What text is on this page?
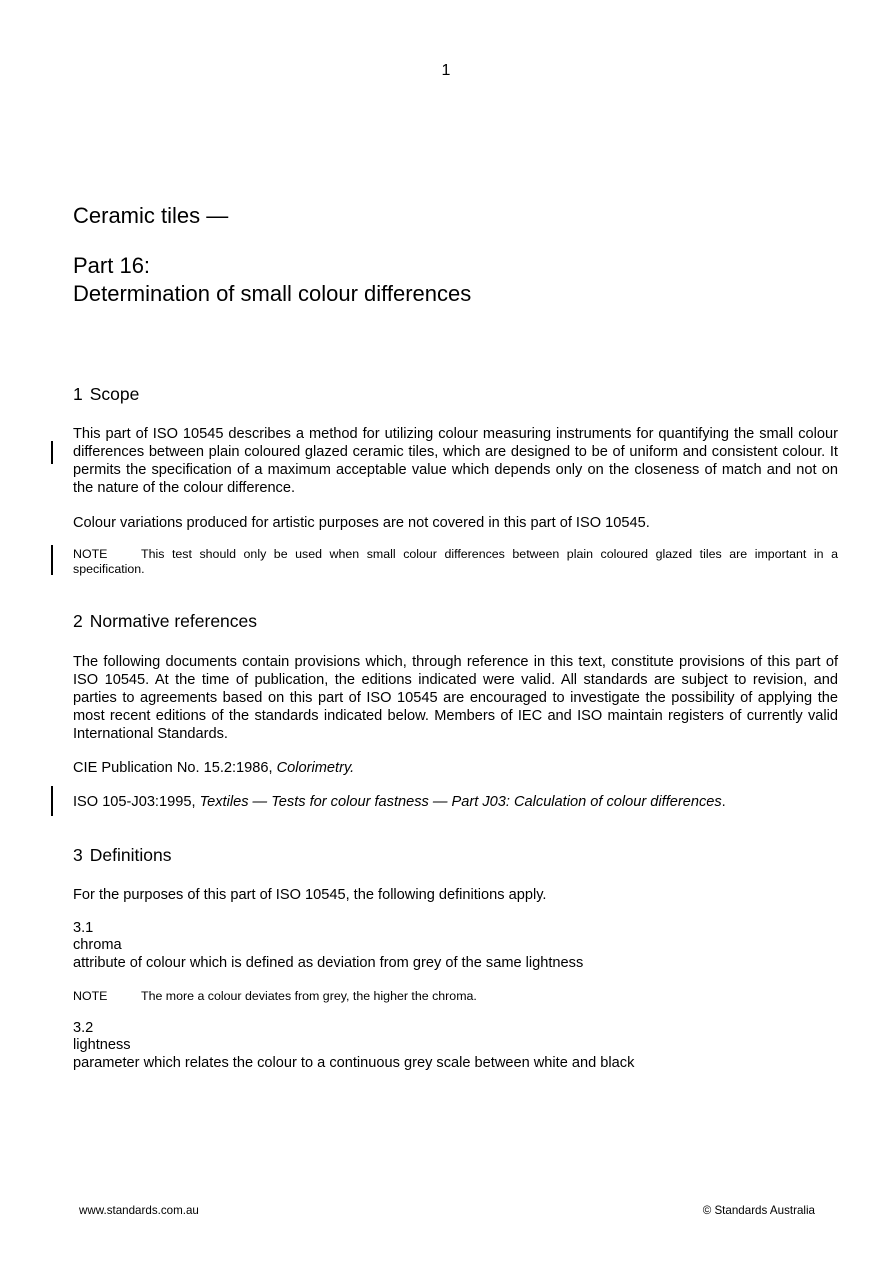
1
Ceramic tiles —
Part 16:
Determination of small colour differences
1 Scope

This part of ISO 10545 describes a method for utilizing colour measuring instruments for quantifying the small colour differences between plain coloured glazed ceramic tiles, which are designed to be of uniform and consistent colour. It permits the specification of a maximum acceptable value which depends only on the closeness of match and not on the nature of the colour difference.

Colour variations produced for artistic purposes are not covered in this part of ISO 10545.

NOTE	This test should only be used when small colour differences between plain coloured glazed tiles are important in a specification.

2 Normative references

The following documents contain provisions which, through reference in this text, constitute provisions of this part of ISO 10545. At the time of publication, the editions indicated were valid. All standards are subject to revision, and parties to agreements based on this part of ISO 10545 are encouraged to investigate the possibility of applying the most recent editions of the standards indicated below. Members of IEC and ISO maintain registers of currently valid International Standards.

CIE Publication No. 15.2:1986, Colorimetry.

ISO 105-J03:1995, Textiles — Tests for colour fastness — Part J03: Calculation of colour differences.

3 Definitions

For the purposes of this part of ISO 10545, the following definitions apply.

3.1
chroma
attribute of colour which is defined as deviation from grey of the same lightness

NOTE	The more a colour deviates from grey, the higher the chroma.

3.2
lightness
parameter which relates the colour to a continuous grey scale between white and black
www.standards.com.au	© Standards Australia
